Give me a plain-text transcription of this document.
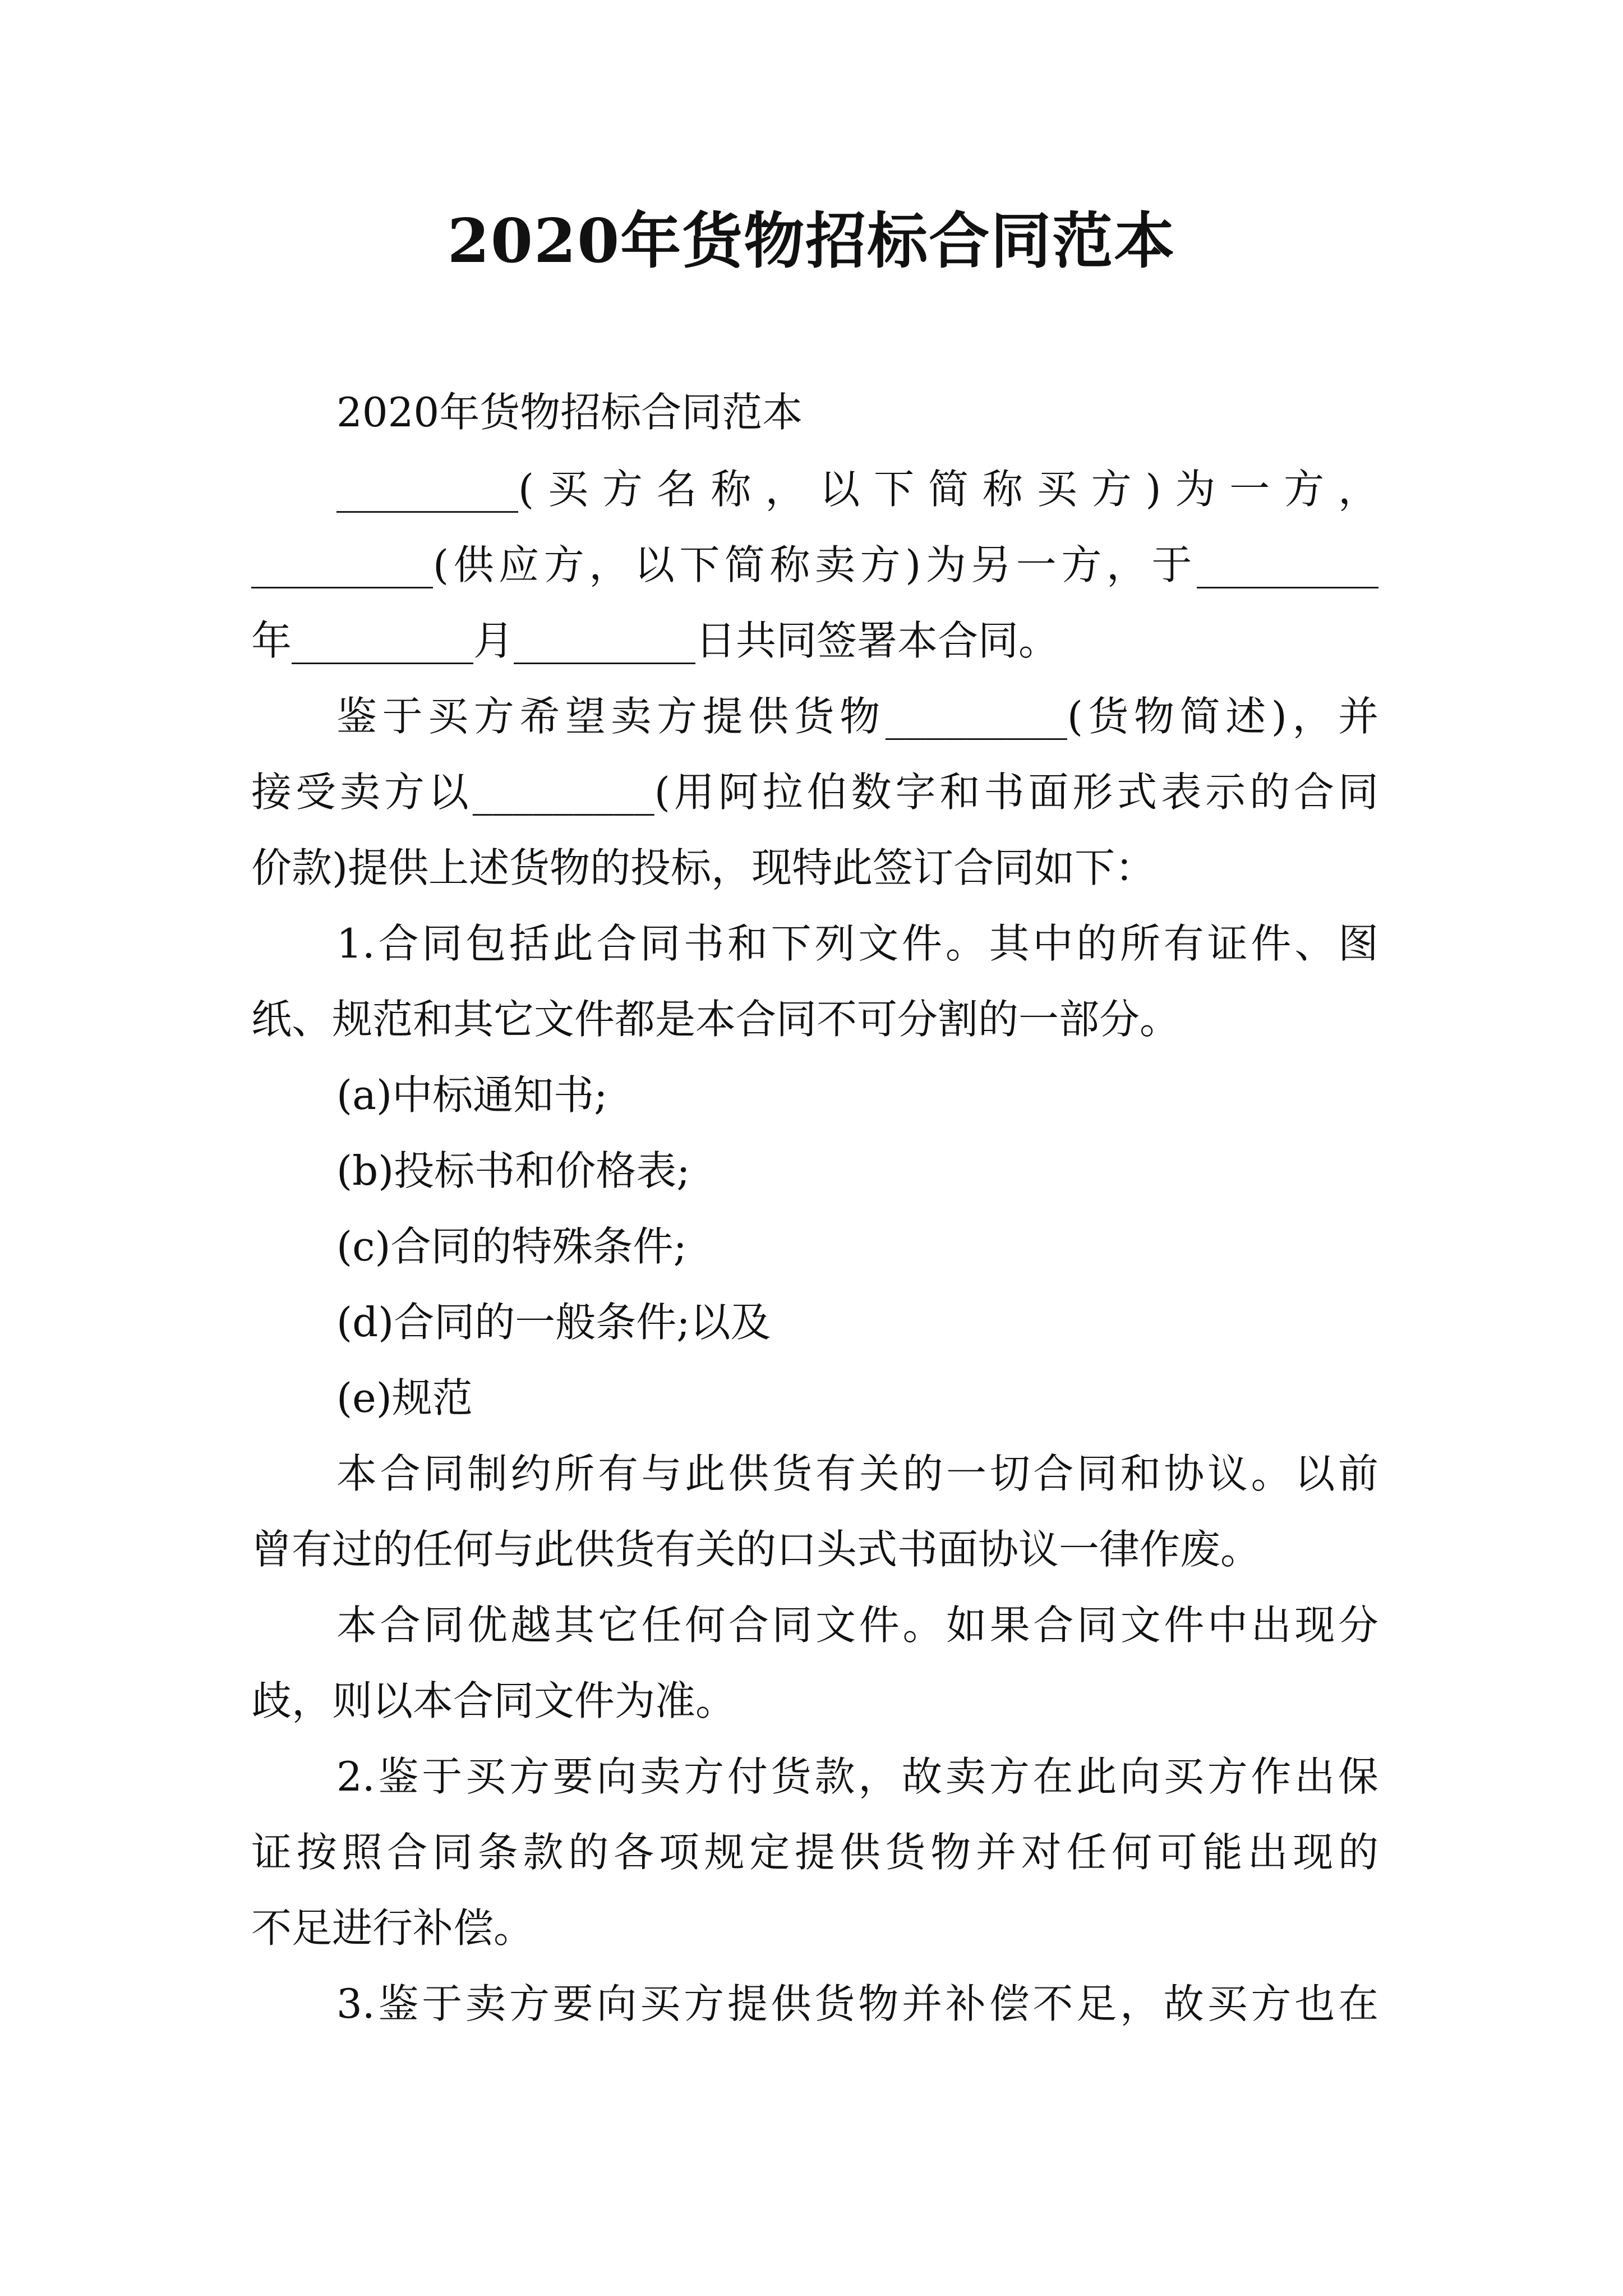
2020年货物招标合同范本
2020年货物招标合同范本
_________(买方名称，以下简称买方)为一方，
_________(供应方，以下简称卖方)为另一方，于_________
年_________月_________日共同签署本合同。
鉴于买方希望卖方提供货物_________(货物简述)，并
接受卖方以_________(用阿拉伯数字和书面形式表示的合同
价款)提供上述货物的投标，现特此签订合同如下：
1.合同包括此合同书和下列文件。其中的所有证件、图
纸、规范和其它文件都是本合同不可分割的一部分。
(a)中标通知书;
(b)投标书和价格表;
(c)合同的特殊条件;
(d)合同的一般条件;以及
(e)规范
本合同制约所有与此供货有关的一切合同和协议。以前
曾有过的任何与此供货有关的口头式书面协议一律作废。
本合同优越其它任何合同文件。如果合同文件中出现分
歧，则以本合同文件为准。
2.鉴于买方要向卖方付货款，故卖方在此向买方作出保
证按照合同条款的各项规定提供货物并对任何可能出现的
不足进行补偿。
3.鉴于卖方要向买方提供货物并补偿不足，故买方也在
